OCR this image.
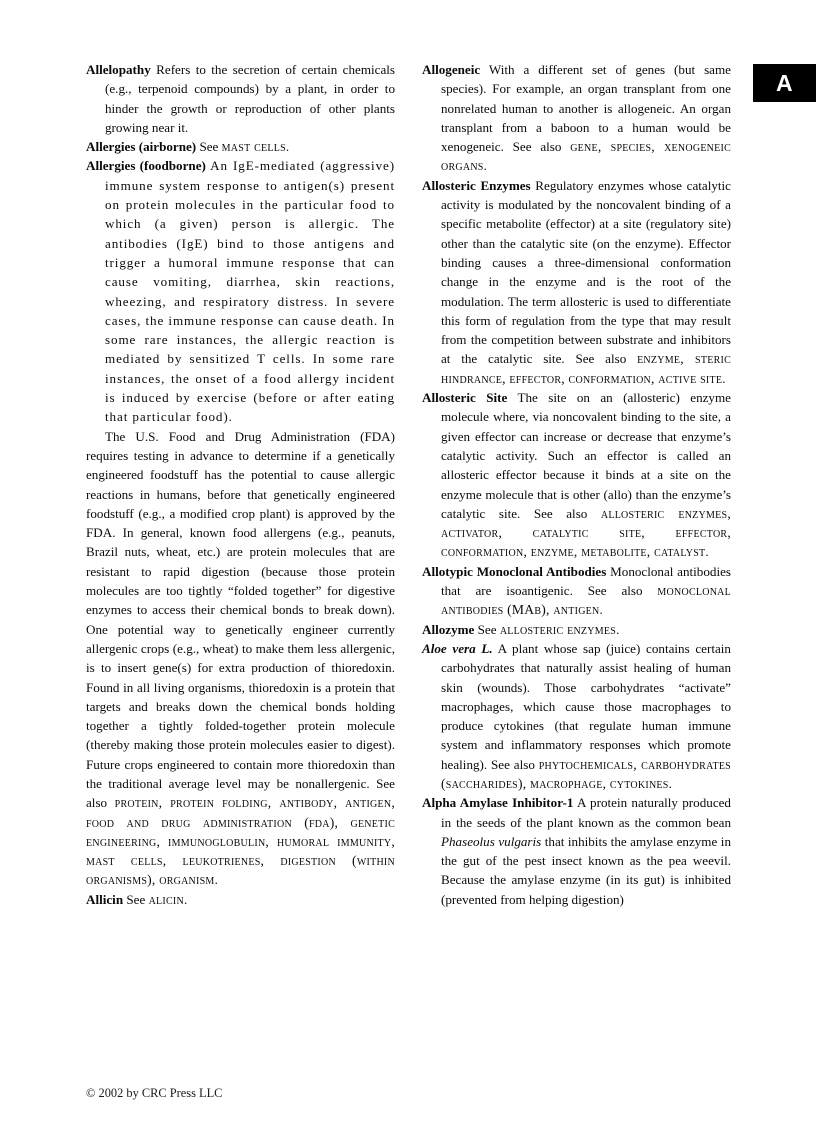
A

Allelopathy Refers to the secretion of certain chemicals (e.g., terpenoid compounds) by a plant, in order to hinder the growth or reproduction of other plants growing near it.

Allergies (airborne) See mast cells.

Allergies (foodborne) An IgE-mediated (aggressive) immune system response to antigen(s) present on protein molecules in the particular food to which (a given) person is allergic. The antibodies (IgE) bind to those antigens and trigger a humoral immune response that can cause vomiting, diarrhea, skin reactions, wheezing, and respiratory distress. In severe cases, the immune response can cause death. In some rare instances, the allergic reaction is mediated by sensitized T cells. In some rare instances, the onset of a food allergy incident is induced by exercise (before or after eating that particular food).

The U.S. Food and Drug Administration (FDA) requires testing in advance to determine if a genetically engineered foodstuff has the potential to cause allergic reactions in humans, before that genetically engineered foodstuff (e.g., a modified crop plant) is approved by the FDA. In general, known food allergens (e.g., peanuts, Brazil nuts, wheat, etc.) are protein molecules that are resistant to rapid digestion (because those protein molecules are too tightly “folded together” for digestive enzymes to access their chemical bonds to break down). One potential way to genetically engineer currently allergenic crops (e.g., wheat) to make them less allergenic, is to insert gene(s) for extra production of thioredoxin. Found in all living organisms, thioredoxin is a protein that targets and breaks down the chemical bonds holding together a tightly folded-together protein molecule (thereby making those protein molecules easier to digest). Future crops engineered to contain more thioredoxin than the traditional average level may be nonallergenic. See also protein, protein folding, antibody, antigen, food and drug administration (fda), genetic engineering, immunoglobulin, humoral immunity, mast cells, leukotrienes, digestion (within organisms), organism.

Allicin See alicin.

Allogeneic With a different set of genes (but same species). For example, an organ transplant from one nonrelated human to another is allogeneic. An organ transplant from a baboon to a human would be xenogeneic. See also gene, species, xenogeneic organs.

Allosteric Enzymes Regulatory enzymes whose catalytic activity is modulated by the noncovalent binding of a specific metabolite (effector) at a site (regulatory site) other than the catalytic site (on the enzyme). Effector binding causes a three-dimensional conformation change in the enzyme and is the root of the modulation. The term allosteric is used to differentiate this form of regulation from the type that may result from the competition between substrate and inhibitors at the catalytic site. See also enzyme, steric hindrance, effector, conformation, active site.

Allosteric Site The site on an (allosteric) enzyme molecule where, via noncovalent binding to the site, a given effector can increase or decrease that enzyme’s catalytic activity. Such an effector is called an allosteric effector because it binds at a site on the enzyme molecule that is other (allo) than the enzyme’s catalytic site. See also allosteric enzymes, activator, catalytic site, effector, conformation, enzyme, metabolite, catalyst.

Allotypic Monoclonal Antibodies Monoclonal antibodies that are isoantigenic. See also monoclonal antibodies (MAb), antigen.

Allozyme See allosteric enzymes.

Aloe vera L. A plant whose sap (juice) contains certain carbohydrates that naturally assist healing of human skin (wounds). Those carbohydrates “activate” macrophages, which cause those macrophages to produce cytokines (that regulate human immune system and inflammatory responses which promote healing). See also phytochemicals, carbohydrates (saccharides), macrophage, cytokines.

Alpha Amylase Inhibitor-1 A protein naturally produced in the seeds of the plant known as the common bean Phaseolus vulgaris that inhibits the amylase enzyme in the gut of the pest insect known as the pea weevil. Because the amylase enzyme (in its gut) is inhibited (prevented from helping digestion)

© 2002 by CRC Press LLC
